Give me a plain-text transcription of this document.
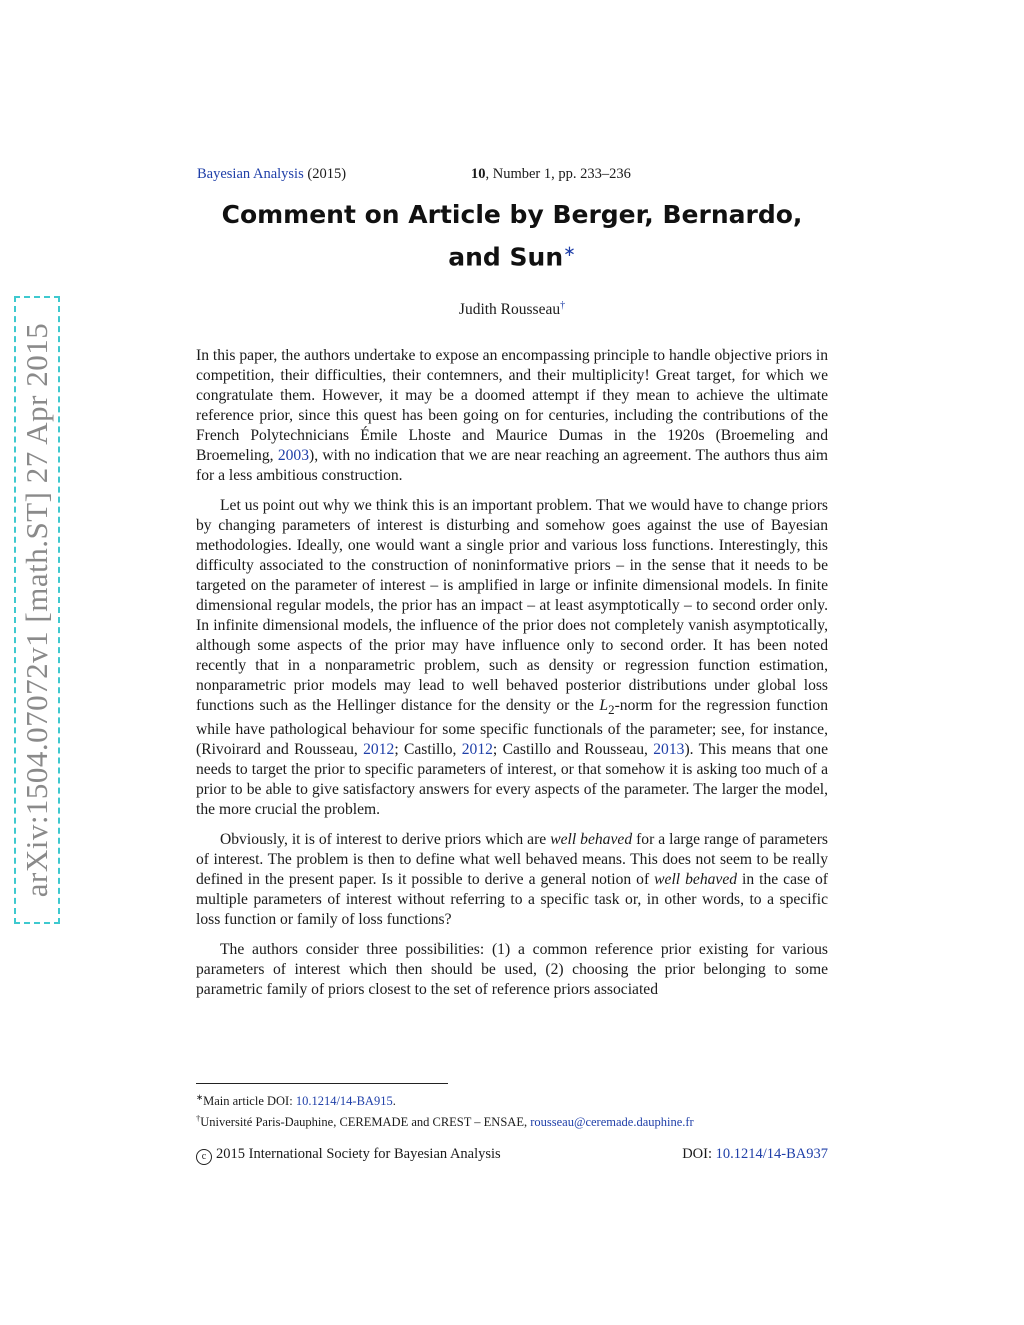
arXiv:1504.07072v1 [math.ST] 27 Apr 2015
Bayesian Analysis (2015)	10, Number 1, pp. 233–236
Comment on Article by Berger, Bernardo,
and Sun∗
Judith Rousseau†

In this paper, the authors undertake to expose an encompassing principle to handle objective priors in competition, their difficulties, their contemners, and their multiplicity! Great target, for which we congratulate them. However, it may be a doomed attempt if they mean to achieve the ultimate reference prior, since this quest has been going on for centuries, including the contributions of the French Polytechnicians Émile Lhoste and Maurice Dumas in the 1920s (Broemeling and Broemeling, 2003), with no indication that we are near reaching an agreement. The authors thus aim for a less ambitious construction.

Let us point out why we think this is an important problem. That we would have to change priors by changing parameters of interest is disturbing and somehow goes against the use of Bayesian methodologies. Ideally, one would want a single prior and various loss functions. Interestingly, this difficulty associated to the construction of noninformative priors – in the sense that it needs to be targeted on the parameter of interest – is amplified in large or infinite dimensional models. In finite dimensional regular models, the prior has an impact – at least asymptotically – to second order only. In infinite dimensional models, the influence of the prior does not completely vanish asymptotically, although some aspects of the prior may have influence only to second order. It has been noted recently that in a nonparametric problem, such as density or regression function estimation, nonparametric prior models may lead to well behaved posterior distributions under global loss functions such as the Hellinger distance for the density or the $L_2$-norm for the regression function while have pathological behaviour for some specific functionals of the parameter; see, for instance, (Rivoirard and Rousseau, 2012; Castillo, 2012; Castillo and Rousseau, 2013). This means that one needs to target the prior to specific parameters of interest, or that somehow it is asking too much of a prior to be able to give satisfactory answers for every aspects of the parameter. The larger the model, the more crucial the problem.

Obviously, it is of interest to derive priors which are well behaved for a large range of parameters of interest. The problem is then to define what well behaved means. This does not seem to be really defined in the present paper. Is it possible to derive a general notion of well behaved in the case of multiple parameters of interest without referring to a specific task or, in other words, to a specific loss function or family of loss functions?

The authors consider three possibilities: (1) a common reference prior existing for various parameters of interest which then should be used, (2) choosing the prior belonging to some parametric family of priors closest to the set of reference priors associated

∗Main article DOI: 10.1214/14-BA915.
†Université Paris-Dauphine, CEREMADE and CREST – ENSAE, rousseau@ceremade.dauphine.fr
c 2015 International Society for Bayesian Analysis	DOI: 10.1214/14-BA937
